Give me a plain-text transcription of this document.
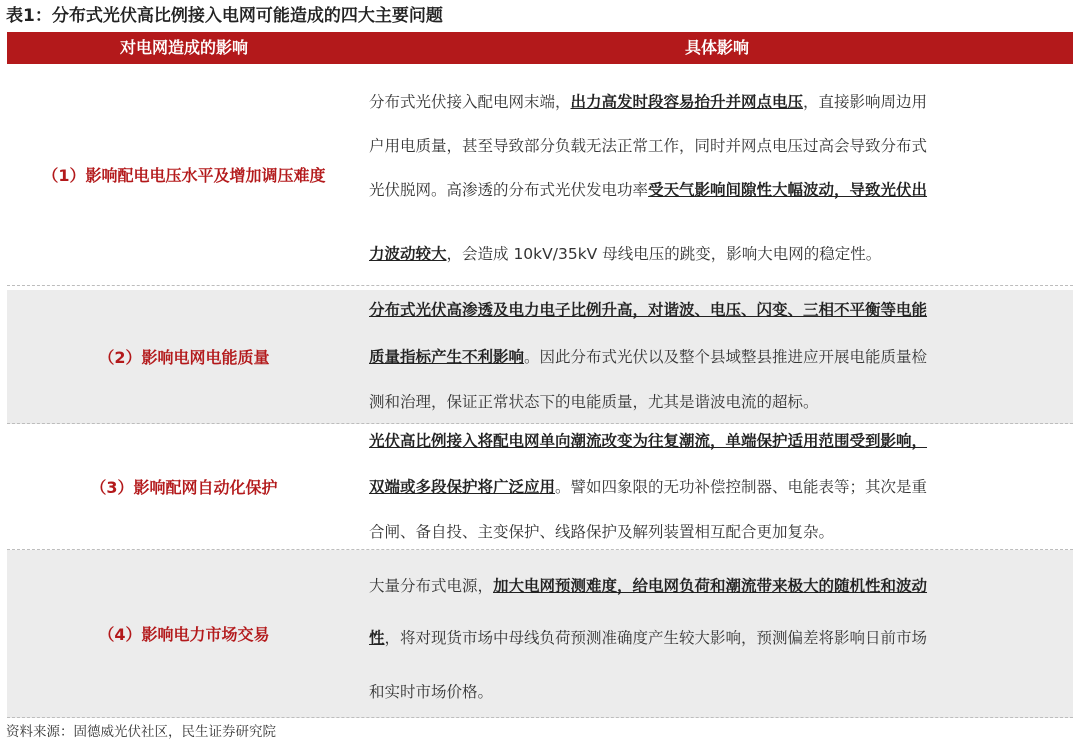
表1：分布式光伏高比例接入电网可能造成的四大主要问题
对电网造成的影响	具体影响
（1）影响配电电压水平及增加调压难度
分布式光伏接入配电网末端，出力高发时段容易抬升并网点电压，直接影响周边用
户用电质量，甚至导致部分负载无法正常工作，同时并网点电压过高会导致分布式
光伏脱网。高渗透的分布式光伏发电功率受天气影响间隙性大幅波动，导致光伏出
力波动较大，会造成 10kV/35kV 母线电压的跳变，影响大电网的稳定性。
（2）影响电网电能质量
分布式光伏高渗透及电力电子比例升高，对谐波、电压、闪变、三相不平衡等电能
质量指标产生不利影响。因此分布式光伏以及整个县域整县推进应开展电能质量检
测和治理，保证正常状态下的电能质量，尤其是谐波电流的超标。
（3）影响配网自动化保护
光伏高比例接入将配电网单向潮流改变为往复潮流，单端保护适用范围受到影响，
双端或多段保护将广泛应用。譬如四象限的无功补偿控制器、电能表等；其次是重
合闸、备自投、主变保护、线路保护及解列装置相互配合更加复杂。
（4）影响电力市场交易
大量分布式电源，加大电网预测难度，给电网负荷和潮流带来极大的随机性和波动
性，将对现货市场中母线负荷预测准确度产生较大影响，预测偏差将影响日前市场
和实时市场价格。
资料来源：固德威光伏社区，民生证券研究院
